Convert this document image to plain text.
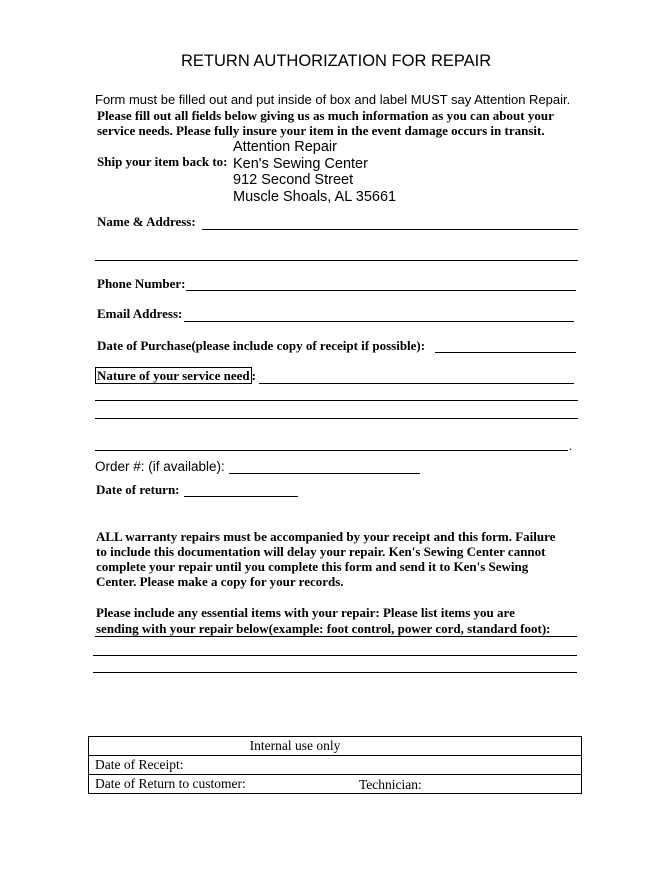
RETURN AUTHORIZATION FOR REPAIR
Form must be filled out and put inside of box and label MUST say Attention Repair.
Please fill out all fields below giving us as much information as you can about your
service needs. Please fully insure your item in the event damage occurs in transit.
Ship your item back to:
Attention Repair
Ken's Sewing Center
912 Second Street
Muscle Shoals, AL 35661
Name & Address:
Phone Number:
Email Address:
Date of Purchase(please include copy of receipt if possible):
Nature of your service need :
.
Order #: (if available):
Date of return:
ALL warranty repairs must be accompanied by your receipt and this form. Failure
to include this documentation will delay your repair. Ken's Sewing Center cannot
complete your repair until you complete this form and send it to Ken's Sewing
Center. Please make a copy for your records.
Please include any essential items with your repair: Please list items you are
sending with your repair below(example: foot control, power cord, standard foot):
Internal use only
Date of Receipt:
Date of Return to customer:	Technician:
